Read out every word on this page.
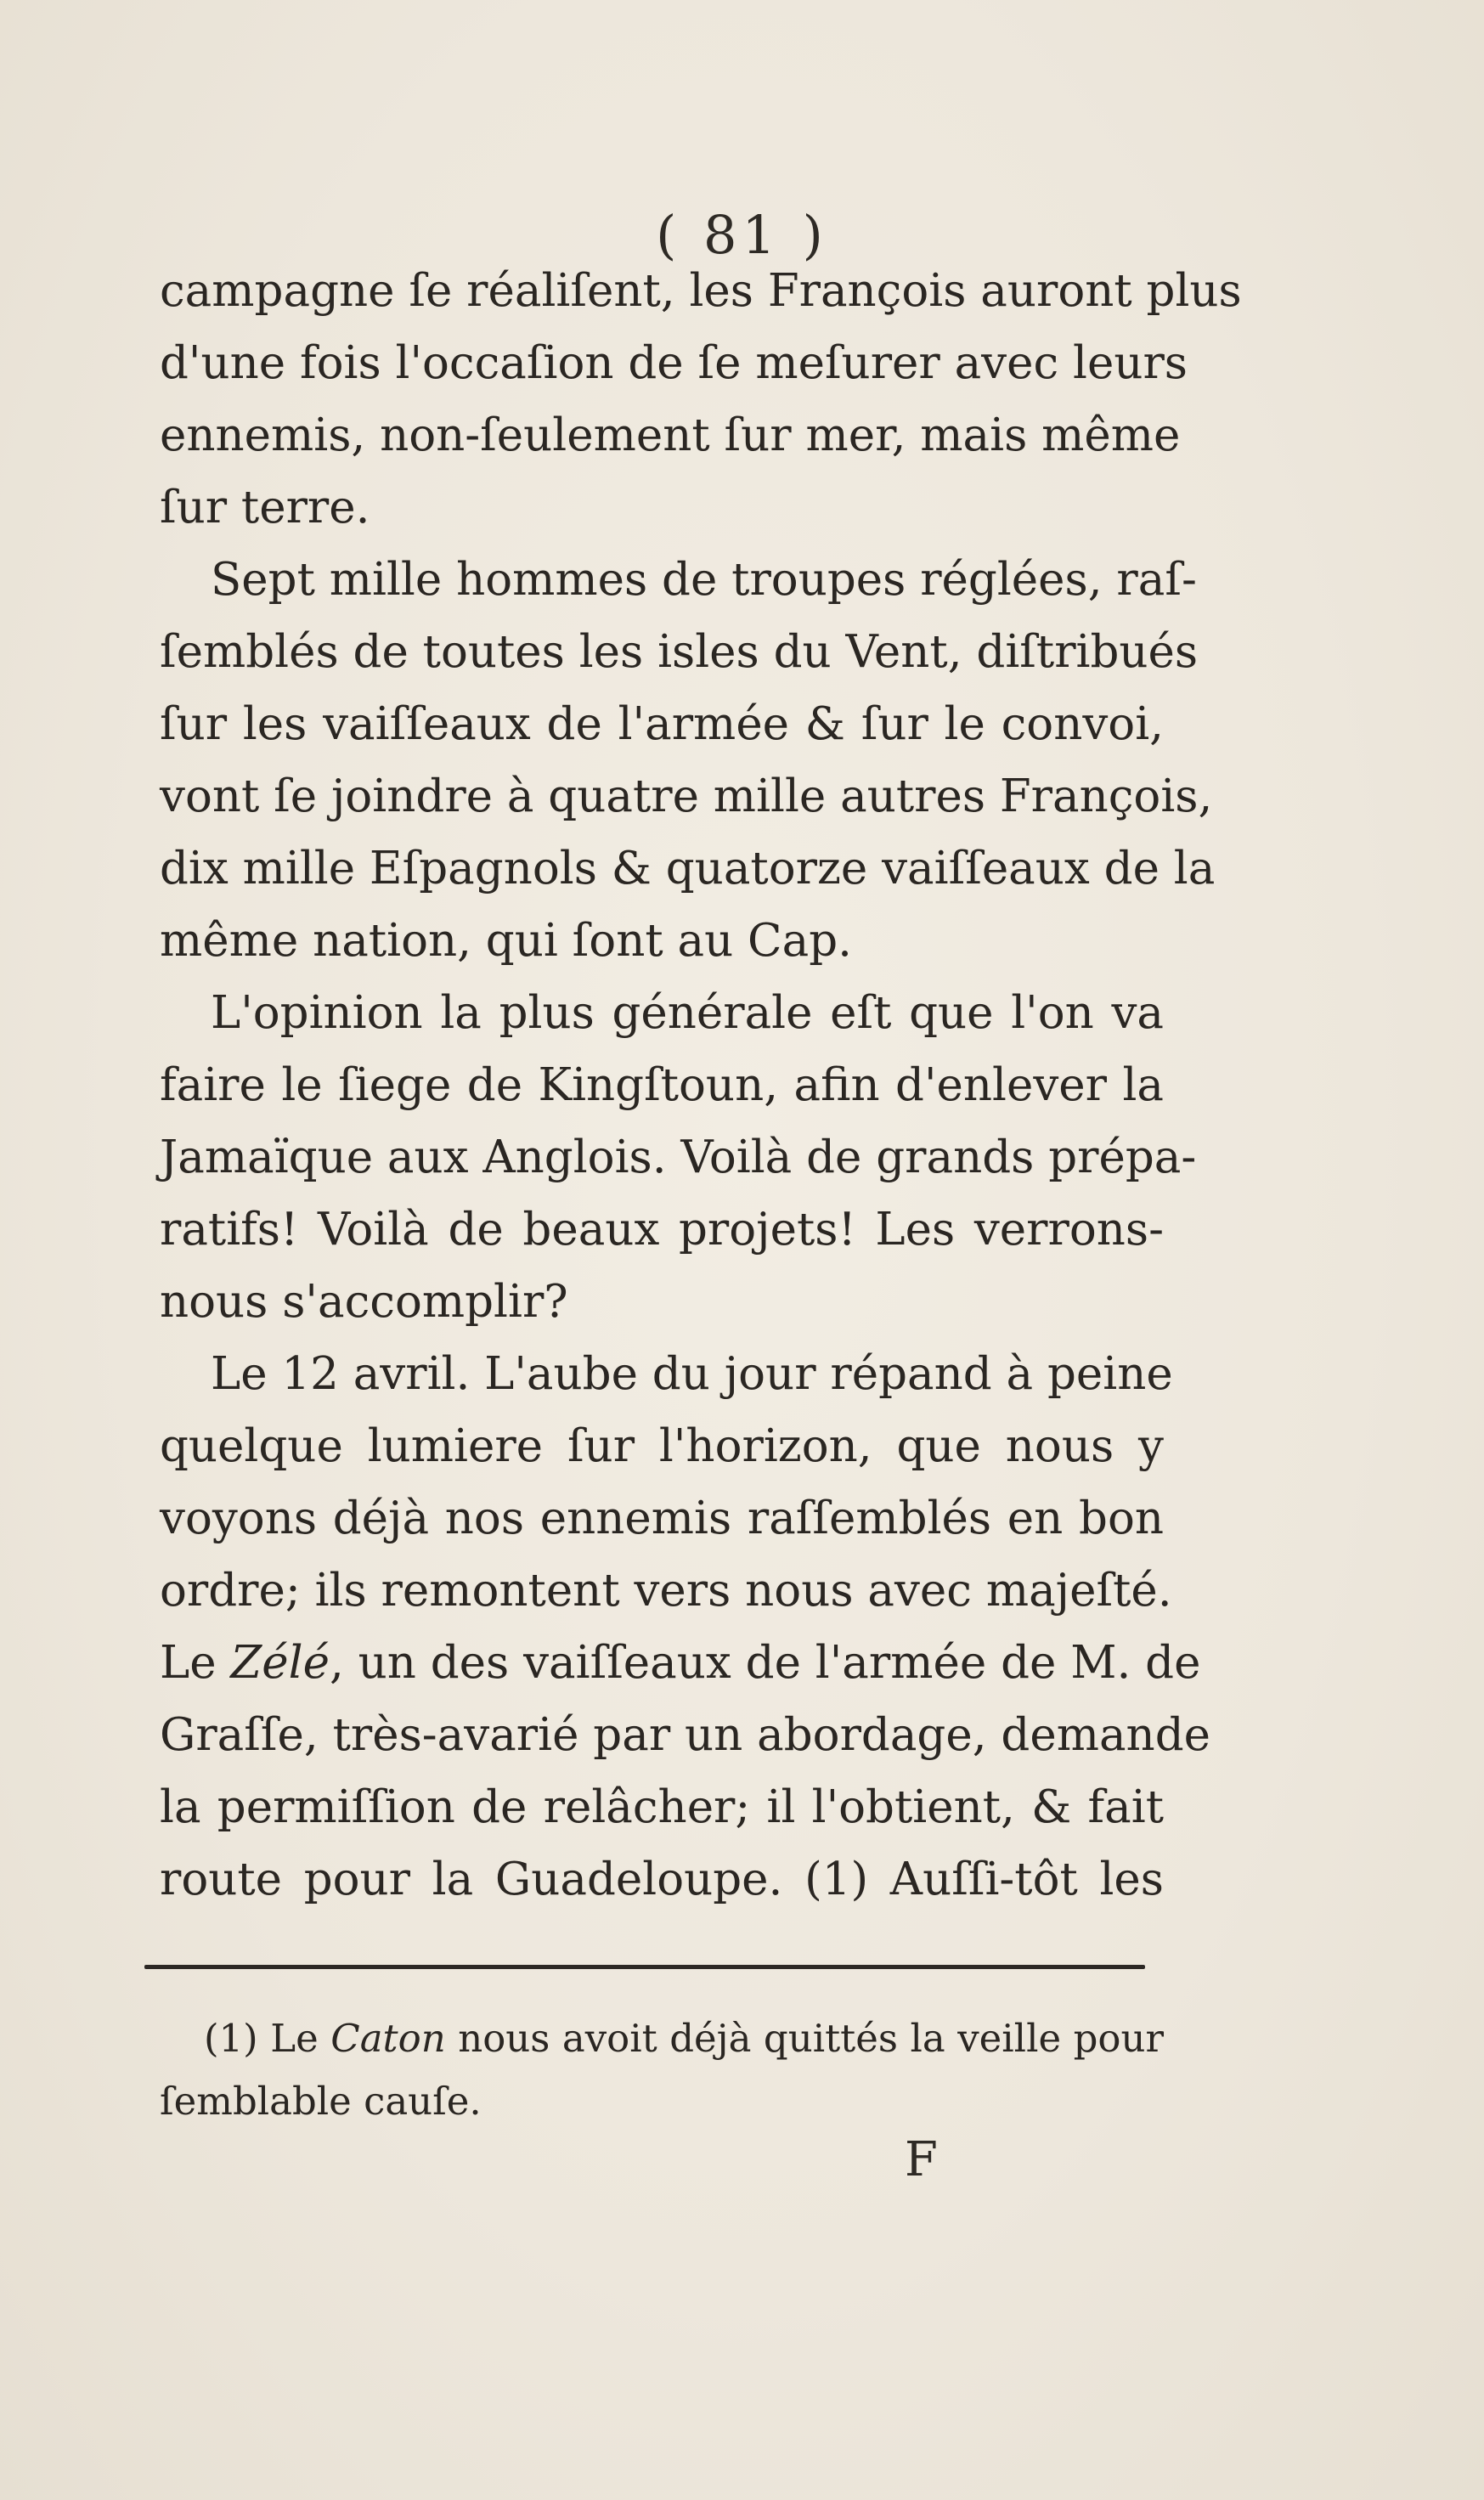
( 81 )
campagne ſe réaliſent, les François auront plus
d'une fois l'occaſion de ſe meſurer avec leurs
ennemis, non-ſeulement ſur mer, mais même
ſur terre.
Sept mille hommes de troupes réglées, raſ-
ſemblés de toutes les isles du Vent, diſtribués
ſur les vaiſſeaux de l'armée & ſur le convoi,
vont ſe joindre à quatre mille autres François,
dix mille Eſpagnols & quatorze vaiſſeaux de la
même nation, qui ſont au Cap.
L'opinion la plus générale eſt que l'on va
faire le ſiege de Kingſtoun, afin d'enlever la
Jamaïque aux Anglois. Voilà de grands prépa-
ratifs! Voilà de beaux projets! Les verrons-
nous s'accomplir?
Le 12 avril. L'aube du jour répand à peine
quelque lumiere ſur l'horizon, que nous y
voyons déjà nos ennemis raſſemblés en bon
ordre; ils remontent vers nous avec majeſté.
Le Zélé, un des vaiſſeaux de l'armée de M. de
Graſſe, très-avarié par un abordage, demande
la permiſſion de relâcher; il l'obtient, & fait
route pour la Guadeloupe. (1) Auſſi-tôt les
(1) Le Caton nous avoit déjà quittés la veille pour
ſemblable cauſe.
F
